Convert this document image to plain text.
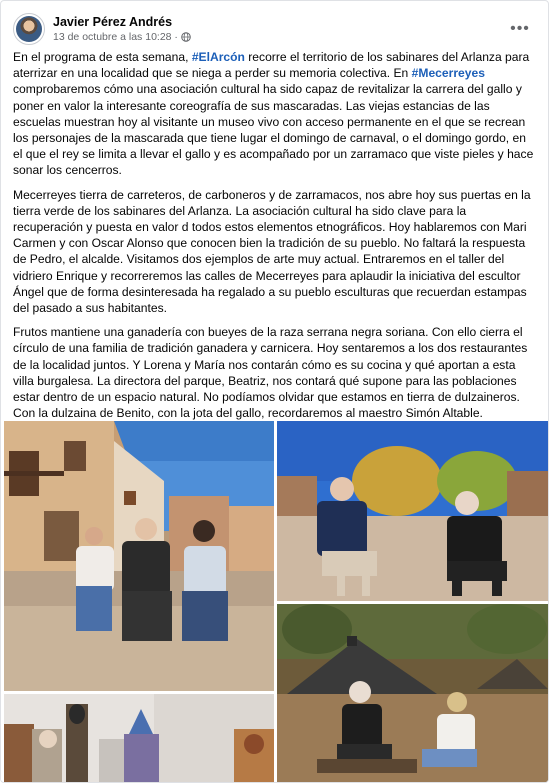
Javier Pérez Andrés
13 de octubre a las 10:28 ·	•••

En el programa de esta semana, #ElArcón recorre el territorio de los sabinares del Arlanza para aterrizar en una localidad que se niega a perder su memoria colectiva. En #Mecerreyes comprobaremos cómo una asociación cultural ha sido capaz de revitalizar la carrera del gallo y poner en valor la interesante coreografía de sus mascaradas. Las viejas estancias de las escuelas muestran hoy al visitante un museo vivo con acceso permanente en el que se recrean los personajes de la mascarada que tiene lugar el domingo de carnaval, o el domingo gordo, en el que el rey se limita a llevar el gallo y es acompañado por un zarramaco que viste pieles y hace sonar los cencerros.

Mecerreyes tierra de carreteros, de carboneros y de zarramacos, nos abre hoy sus puertas en la tierra verde de los sabinares del Arlanza. La asociación cultural ha sido clave para la recuperación y puesta en valor d todos estos elementos etnográficos. Hoy hablaremos con Mari Carmen y con Oscar Alonso que conocen bien la tradición de su pueblo. No faltará la respuesta de Pedro, el alcalde. Visitamos dos ejemplos de arte muy actual. Entraremos en el taller del vidriero Enrique y recorreremos las calles de Mecerreyes para aplaudir la iniciativa del escultor Ángel que de forma desinteresada ha regalado a su pueblo esculturas que recuerdan estampas del pasado a sus habitantes.

Frutos mantiene una ganadería con bueyes de la raza serrana negra soriana. Con ello cierra el círculo de una familia de tradición ganadera y carnicera. Hoy sentaremos a los dos restaurantes de la localidad juntos. Y Lorena y María nos contarán cómo es su cocina y qué aportan a esta villa burgalesa. La directora del parque, Beatriz, nos contará qué supone para las poblaciones estar dentro de un espacio natural. No podíamos olvidar que estamos en tierra de dulzaineros. Con la dulzaina de Benito, con la jota del gallo, recordaremos al maestro Simón Altable.
